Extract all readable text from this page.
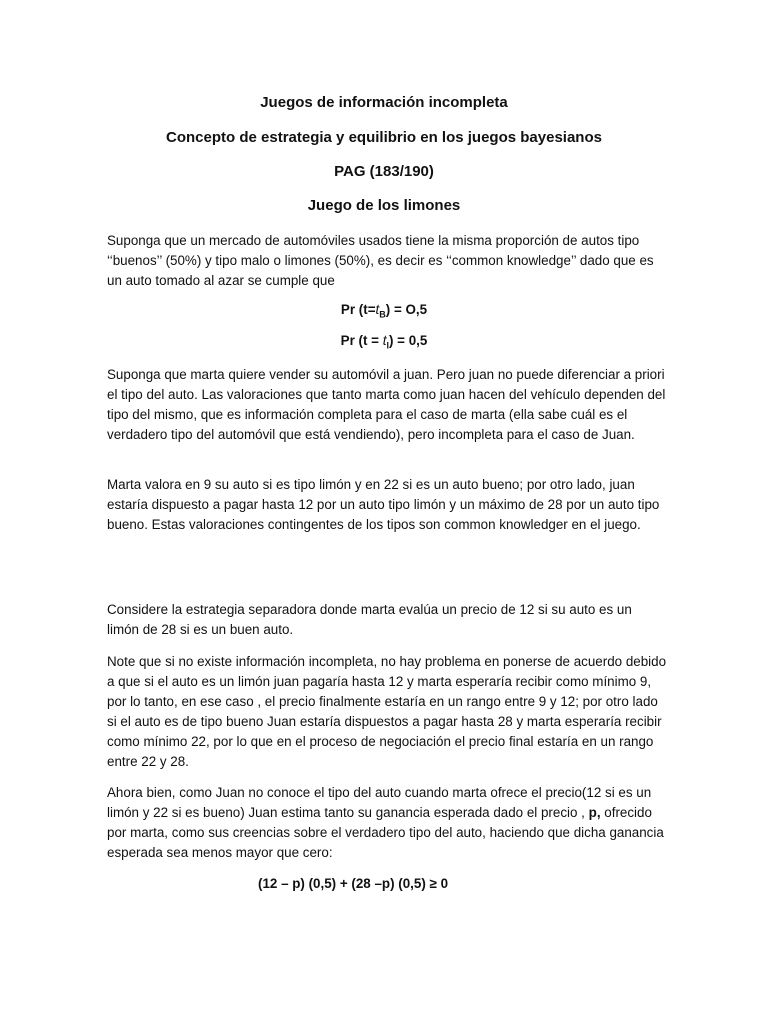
Juegos de información incompleta
Concepto de estrategia y equilibrio en los juegos bayesianos
PAG (183/190)
Juego de los limones

Suponga que un mercado de automóviles usados tiene la misma proporción de autos tipo ‘‘buenos’’ (50%) y tipo malo o limones (50%), es decir es ‘‘common knowledge’’ dado que es un auto tomado al azar se cumple que

Pr $(t=t_B) = O,5$

Pr $(t = t_l) = 0,5$

Suponga que marta quiere vender su automóvil a juan. Pero juan no puede diferenciar a priori el tipo del auto. Las valoraciones que tanto marta como juan hacen del vehículo dependen del tipo del mismo, que es información completa para el caso de marta (ella sabe cuál es el verdadero tipo del automóvil que está vendiendo), pero incompleta para el caso de Juan.

Marta valora en 9 su auto si es tipo limón y en 22 si es un auto bueno; por otro lado, juan estaría dispuesto a pagar hasta 12 por un auto tipo limón y un máximo de 28 por un auto tipo bueno. Estas valoraciones contingentes de los tipos son common knowledger en el juego.

Considere la estrategia separadora donde marta evalúa un precio de 12 si su auto es un limón de 28 si es un buen auto.

Note que si no existe información incompleta, no hay problema en ponerse de acuerdo debido a que si el auto es un limón juan pagaría hasta 12 y marta esperaría recibir como mínimo 9, por lo tanto, en ese caso , el precio finalmente estaría en un rango entre 9 y 12; por otro lado si el auto es de tipo bueno Juan estaría dispuestos a pagar hasta 28 y marta esperaría recibir como mínimo 22, por lo que en el proceso de negociación el precio final estaría en un rango entre 22 y 28.

Ahora bien, como Juan no conoce el tipo del auto cuando marta ofrece el precio(12 si es un limón y 22 si es bueno) Juan estima tanto su ganancia esperada dado el precio , p, ofrecido por marta, como sus creencias sobre el verdadero tipo del auto, haciendo que dicha ganancia esperada sea menos mayor que cero:

(12 – p) (0,5) + (28 –p) (0,5) ≥ 0
